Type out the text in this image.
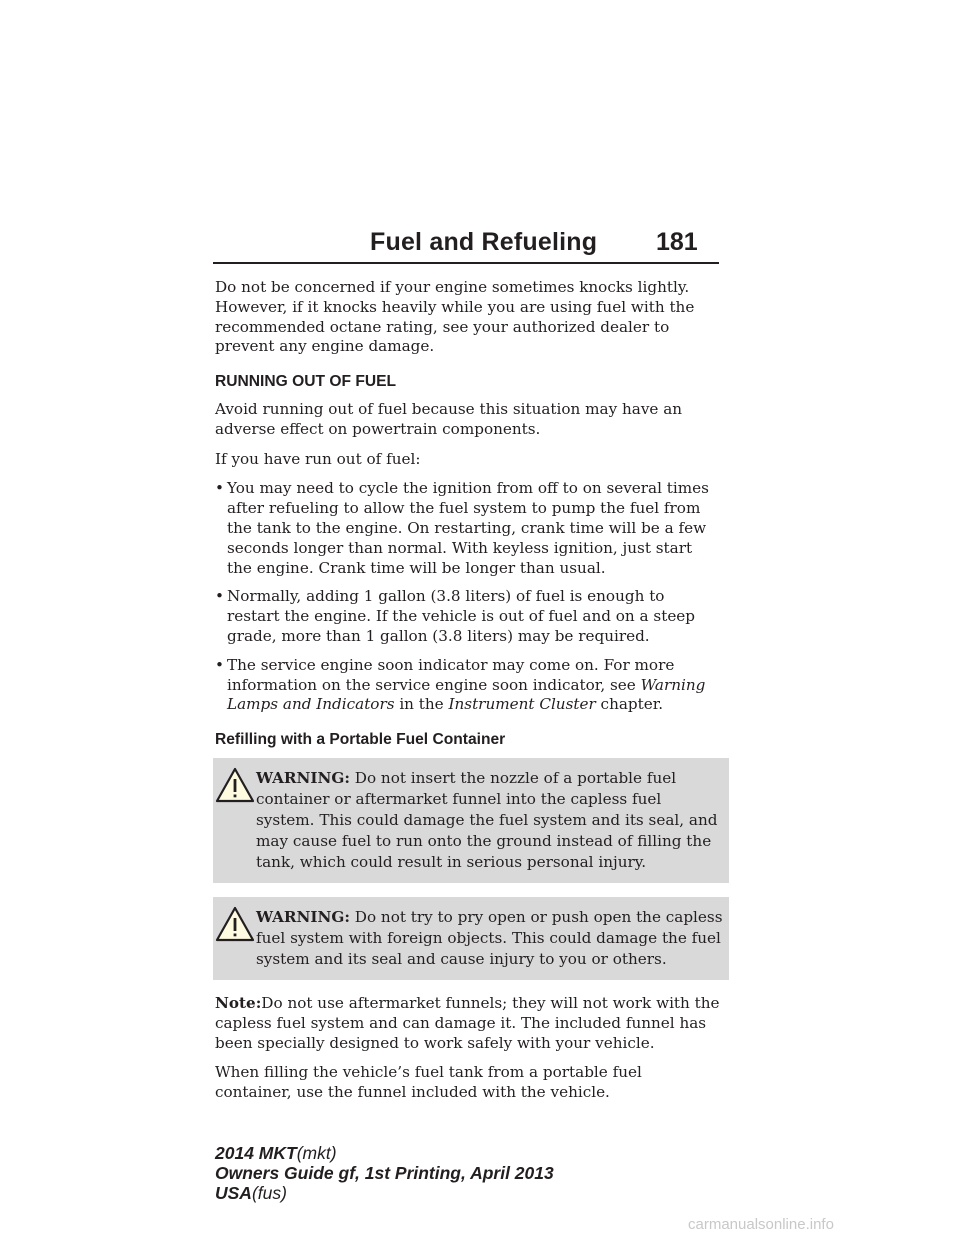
Fuel and Refueling 181

Do not be concerned if your engine sometimes knocks lightly. However, if it knocks heavily while you are using fuel with the recommended octane rating, see your authorized dealer to prevent any engine damage.

RUNNING OUT OF FUEL

Avoid running out of fuel because this situation may have an adverse effect on powertrain components.

If you have run out of fuel:

• You may need to cycle the ignition from off to on several times after refueling to allow the fuel system to pump the fuel from the tank to the engine. On restarting, crank time will be a few seconds longer than normal. With keyless ignition, just start the engine. Crank time will be longer than usual.
• Normally, adding 1 gallon (3.8 liters) of fuel is enough to restart the engine. If the vehicle is out of fuel and on a steep grade, more than 1 gallon (3.8 liters) may be required.
• The service engine soon indicator may come on. For more information on the service engine soon indicator, see Warning Lamps and Indicators in the Instrument Cluster chapter.
Refilling with a Portable Fuel Container
WARNING: Do not insert the nozzle of a portable fuel container or aftermarket funnel into the capless fuel system. This could damage the fuel system and its seal, and may cause fuel to run onto the ground instead of filling the tank, which could result in serious personal injury.
WARNING: Do not try to pry open or push open the capless fuel system with foreign objects. This could damage the fuel system and its seal and cause injury to you or others.

Note:Do not use aftermarket funnels; they will not work with the capless fuel system and can damage it. The included funnel has been specially designed to work safely with your vehicle.

When filling the vehicle’s fuel tank from a portable fuel container, use the funnel included with the vehicle.

2014 MKT(mkt)
Owners Guide gf, 1st Printing, April 2013
USA(fus)
carmanualsonline.info
